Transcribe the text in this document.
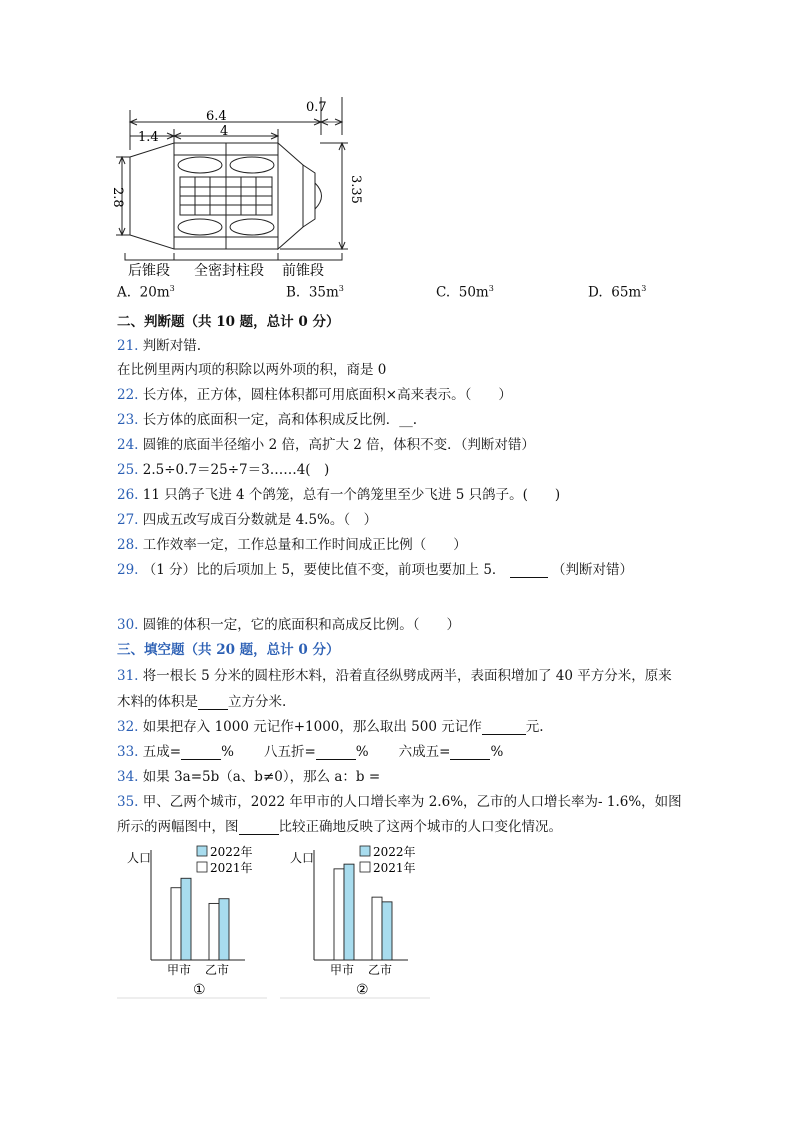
6.4
4
1.4
0.7
2.8	3.35
后锥段 全密封柱段 前锥段
A. $20m^3$	B. $35m^3$	C. $50m^3$	D. $65m^3$
二、判断题（共 10 题，总计 0 分）
21. 判断对错.
在比例里两内项的积除以两外项的积，商是 0
22. 长方体，正方体，圆柱体积都可用底面积×高来表示。（　　）
23. 长方体的底面积一定，高和体积成反比例．__.
24. 圆锥的底面半径缩小 2 倍，高扩大 2 倍，体积不变．（判断对错）
25. 2.5÷0.7＝25÷7＝3……4(　)
26. 11 只鸽子飞进 4 个鸽笼，总有一个鸽笼里至少飞进 5 只鸽子。(　　)
27. 四成五改写成百分数就是 4.5%。（　）
28. 工作效率一定，工作总量和工作时间成正比例（　　）
29. （1 分）比的后项加上 5，要使比值不变，前项也要加上 5．	（判断对错）
30. 圆锥的体积一定，它的底面积和高成反比例。（　　）
三、填空题（共 20 题，总计 0 分）
31. 将一根长 5 分米的圆柱形木料，沿着直径纵劈成两半，表面积增加了 40 平方分米，原来
木料的体积是 立方分米.
32. 如果把存入 1000 元记作+1000，那么取出 500 元记作	元.
33. 五成=	% 八五折=	% 六成五=	%
34. 如果 3a=5b（a、b≠0），那么 a：b =
35. 甲、乙两个城市，2022 年甲市的人口增长率为 2.6%，乙市的人口增长率为- 1.6%，如图
所示的两幅图中，图	比较正确地反映了这两个城市的人口变化情况。
人口	2022年
2021年
甲市 乙市
①
人口	2022年
2021年
甲市 乙市
②
